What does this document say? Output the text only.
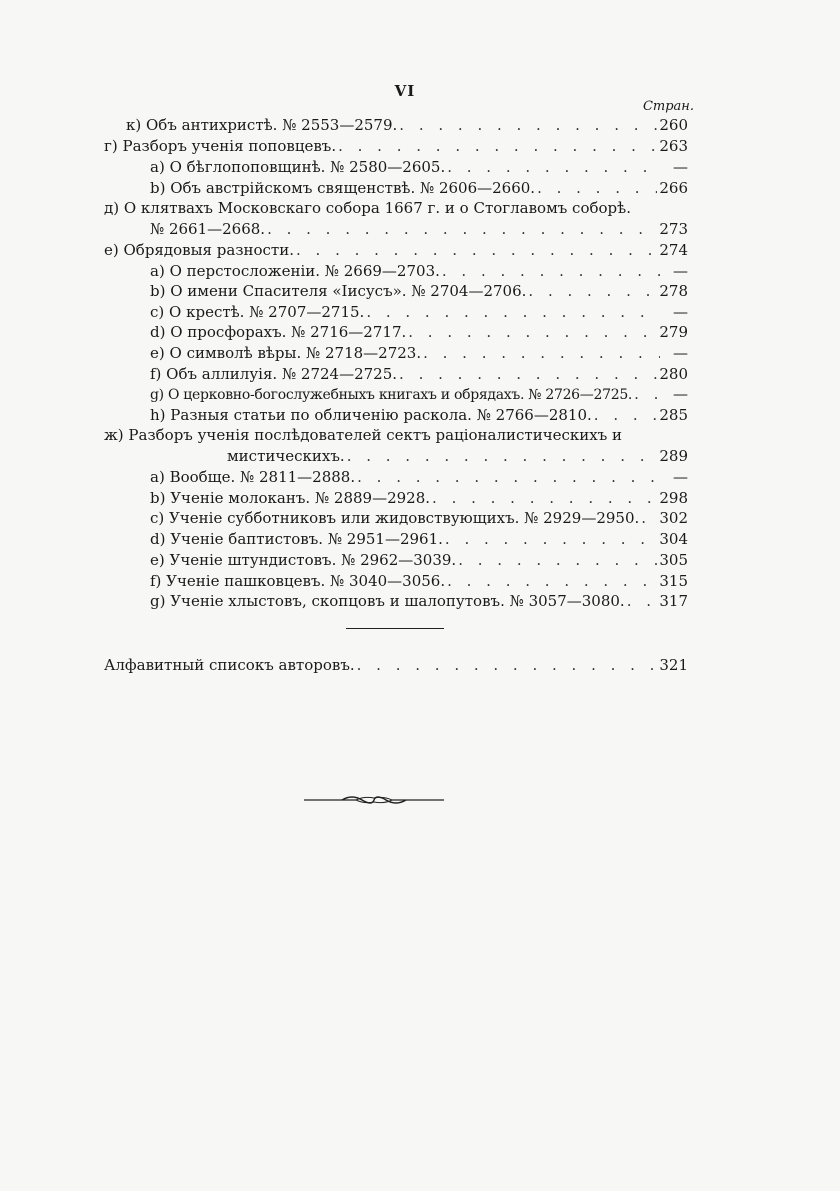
VI
Стран.
к) Объ антихристѣ. № 2553—2579. . . .	260
г) Разборъ ученія поповцевъ. . . .	263
а) О бѣглопоповщинѣ. № 2580—2605. . . .	—
b) Объ австрійскомъ священствѣ. № 2606—2660. . . .	266
д) О клятвахъ Московскаго собора 1667 г. и о Стоглавомъ соборѣ.
№ 2661—2668. . . .	273
е) Обрядовыя разности. . . .	274
а) О перстосложеніи. № 2669—2703. . . .	—
b) О имени Спасителя «Іисусъ». № 2704—2706. . . .	278
с) О крестѣ. № 2707—2715. . . .	—
d) О просфорахъ. № 2716—2717. . . .	279
е) О символѣ вѣры. № 2718—2723. . . .	—
f) Объ аллилуія. № 2724—2725. . . .	280
g) О церковно-богослужебныхъ книгахъ и обрядахъ. № 2726—2725. . . .	—
h) Разныя статьи по обличенію раскола. № 2766—2810. . . .	285
ж) Разборъ ученія послѣдователей сектъ раціоналистическихъ и
мистическихъ. . . .	289
а) Вообще. № 2811—2888. . . .	—
b) Ученіе молоканъ. № 2889—2928. . . .	298
с) Ученіе субботниковъ или жидовствующихъ. № 2929—2950. . . . 302
d) Ученіе баптистовъ. № 2951—2961. . . .	304
е) Ученіе штундистовъ. № 2962—3039. . . .	305
f) Ученіе пашковцевъ. № 3040—3056. . . .	315
g) Ученіе хлыстовъ, скопцовъ и шалопутовъ. № 3057—3080. . . . 317
Алфавитный списокъ авторовъ. . . .	321
